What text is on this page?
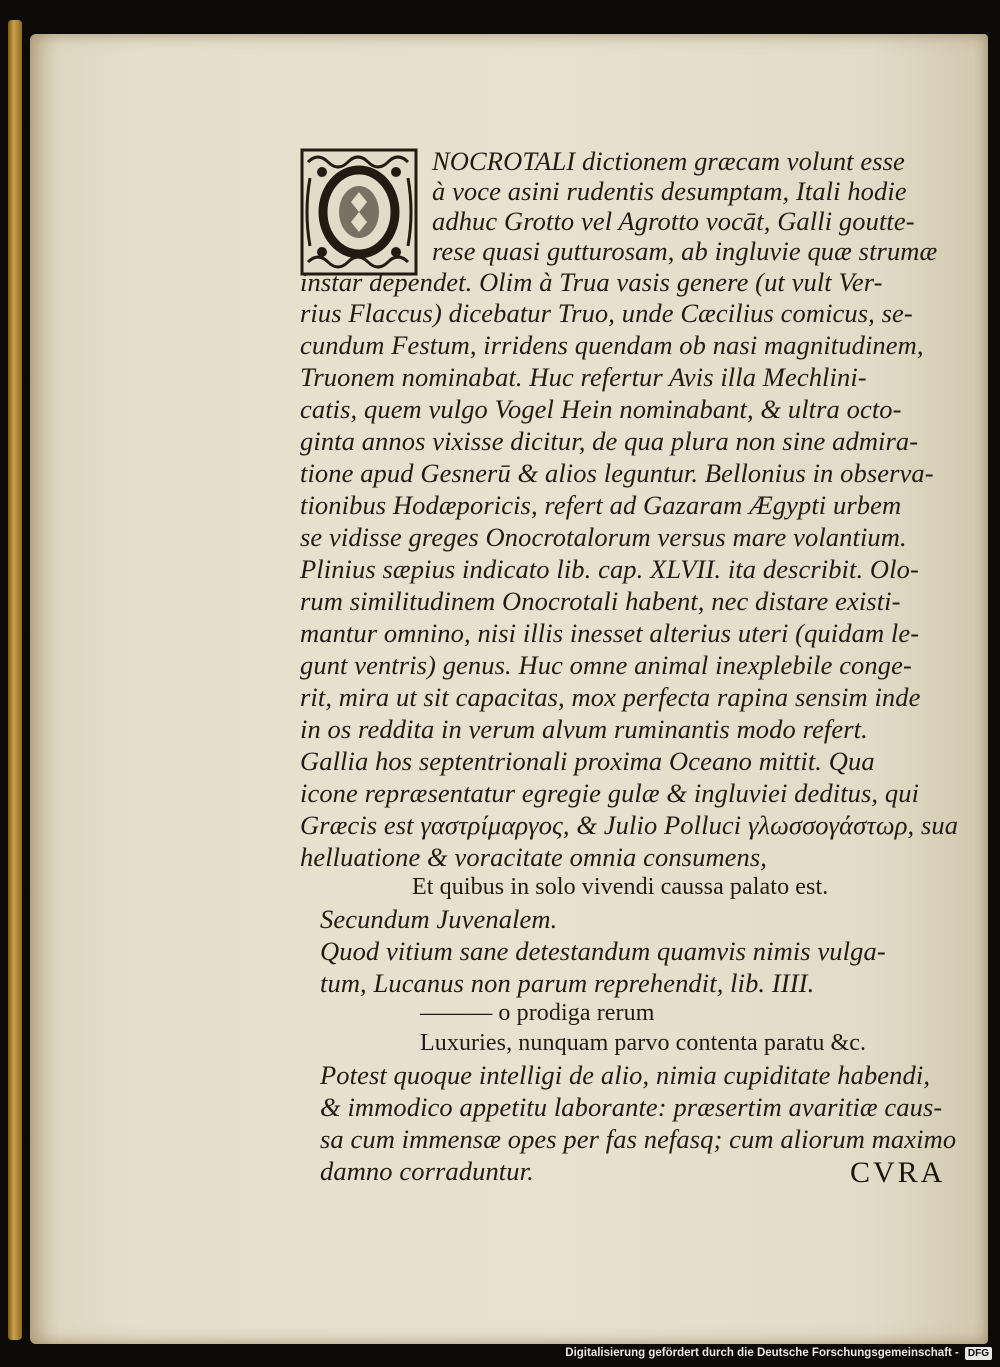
NOCROTALI dictionem græcam volunt esse
à voce asini rudentis desumptam, Itali hodie
adhuc Grotto vel Agrotto vocāt, Galli goutte-
rese quasi gutturosam, ab ingluvie quæ strumæ
instar dependet. Olim à Trua vasis genere (ut vult Ver-
rius Flaccus) dicebatur Truo, unde Cæcilius comicus, se-
cundum Festum, irridens quendam ob nasi magnitudinem,
Truonem nominabat. Huc refertur Avis illa Mechlini-
catis, quem vulgo Vogel Hein nominabant, & ultra octo-
ginta annos vixisse dicitur, de qua plura non sine admira-
tione apud Gesnerū & alios leguntur. Bellonius in observa-
tionibus Hodæporicis, refert ad Gazaram Ægypti urbem
se vidisse greges Onocrotalorum versus mare volantium.
Plinius sæpius indicato lib. cap. XLVII. ita describit. Olo-
rum similitudinem Onocrotali habent, nec distare existi-
mantur omnino, nisi illis inesset alterius uteri (quidam le-
gunt ventris) genus. Huc omne animal inexplebile conge-
rit, mira ut sit capacitas, mox perfecta rapina sensim inde
in os reddita in verum alvum ruminantis modo refert.
Gallia hos septentrionali proxima Oceano mittit. Qua
icone repræsentatur egregie gulæ & ingluviei deditus, qui
Græcis est γαστρίμαργος, & Julio Polluci γλωσσογάστωρ, sua
helluatione & voracitate omnia consumens,
Et quibus in solo vivendi caussa palato est.
Secundum Juvenalem.
Quod vitium sane detestandum quamvis nimis vulga-
tum, Lucanus non parum reprehendit, lib. IIII.
——— o prodiga rerum
Luxuries, nunquam parvo contenta paratu &c.
Potest quoque intelligi de alio, nimia cupiditate habendi,
& immodico appetitu laborante: præsertim avaritiæ caus-
sa cum immensæ opes per fas nefasq; cum aliorum maximo
damno corraduntur.	CVRA
Digitalisierung gefördert durch die Deutsche Forschungsgemeinschaft - DFG
